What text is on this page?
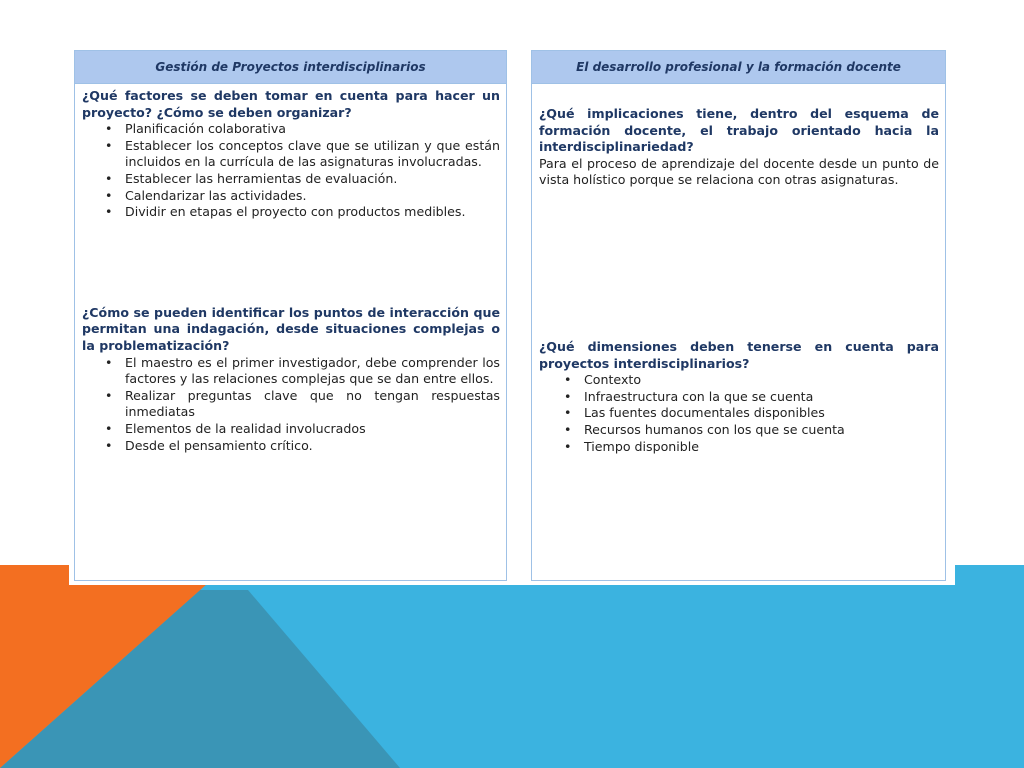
Gestión de Proyectos interdisciplinarios

¿Qué factores se deben tomar en cuenta para hacer un proyecto? ¿Cómo se deben organizar?

• Planificación colaborativa
• Establecer los conceptos clave que se utilizan y que están incluidos en la currícula de las asignaturas involucradas.
• Establecer las herramientas de evaluación.
• Calendarizar las actividades.
• Dividir en etapas el proyecto con productos medibles.

¿Cómo se pueden identificar los puntos de interacción que permitan una indagación, desde situaciones complejas o la problematización?

• El maestro es el primer investigador, debe comprender los factores y las relaciones complejas que se dan entre ellos.
• Realizar preguntas clave que no tengan respuestas inmediatas
• Elementos de la realidad involucrados
• Desde el pensamiento crítico.
El desarrollo profesional y la formación docente

¿Qué implicaciones tiene, dentro del esquema de formación docente, el trabajo orientado hacia la interdisciplinariedad?

Para el proceso de aprendizaje del docente desde un punto de vista holístico porque se relaciona con otras asignaturas.

¿Qué dimensiones deben tenerse en cuenta para proyectos interdisciplinarios?

• Contexto
• Infraestructura con la que se cuenta
• Las fuentes documentales disponibles
• Recursos humanos con los que se cuenta
• Tiempo disponible
